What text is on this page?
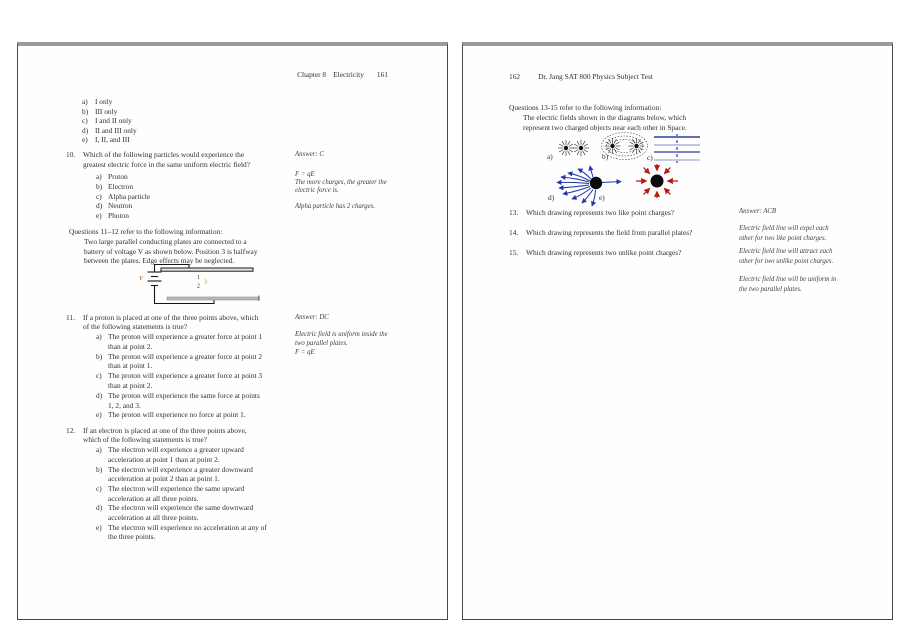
Chapter 8 Electricity 161
a) I only
b) III only
c) I and II only
d) II and III only
e) I, II, and III
10. Which of the following particles would experience the
greatest electric force in the same uniform electric field?
a) Proton
b) Electron
c) Alpha particle
d) Neutron
e) Photon
Answer: C
F = qE
The more charges, the greater the
electric force is.
Alpha particle has 2 charges.
Questions 11–12 refer to the following information:
Two large parallel conducting plates are connected to a
battery of voltage V as shown below. Position 3 is halfway
between the plates. Edge effects may be neglected.
V	1
2
3
11. If a proton is placed at one of the three points above, which
of the following statements is true?
a) The proton will experience a greater force at point 1
than at point 2.
b) The proton will experience a greater force at point 2
than at point 1.
c) The proton will experience a greater force at point 3
than at point 2.
d) The proton will experience the same force at points
1, 2, and 3.
e) The proton will experience no force at point 1.
Answer: DC
Electric field is uniform inside the
two parallel plates.
F = qE
12. If an electron is placed at one of the three points above,
which of the following statements is true?
a) The electron will experience a greater upward
acceleration at point 1 than at point 2.
b) The electron will experience a greater downward
acceleration at point 2 than at point 1.
c) The electron will experience the same upward
acceleration at all three points.
d) The electron will experience the same downward
acceleration at all three points.
e) The electron will experience no acceleration at any of
the three points.
162 Dr. Jang SAT 800 Physics Subject Test
Questions 13-15 refer to the following information:
The electric fields shown in the diagrams below, which
represent two charged objects near each other in Space.
a)	b)	c)
d)	e)
13. Which drawing represents two like point charges?
14. Which drawing represents the field from parallel plates?
15. Which drawing represents two unlike point charges?
Answer: ACB
Electric field line will expel each
other for two like point charges.
Electric field line will attract each
other for two unlike point charges.
Electric field line will be uniform in
the two parallel plates.
